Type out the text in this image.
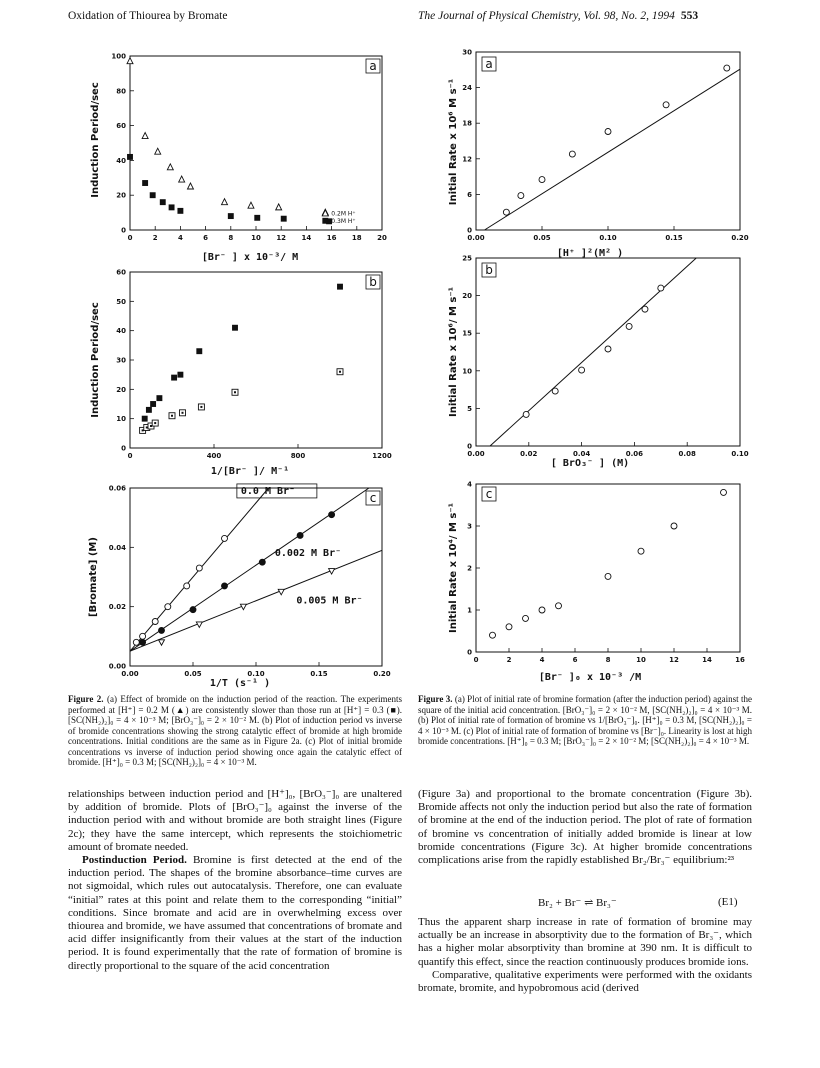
Oxidation of Thiourea by Bromate	The Journal of Physical Chemistry, Vol. 98, No. 2, 1994 553
0	2	4	6	8	10 12 14 16 18 20
0
20
40
60
80
100
[Br⁻ ] x 10⁻³/ M
Induction Period/sec
a
0.2M H⁺
0.3M H⁺
0	400	800	1200
0
10
20
30
40
50
60
1/[Br⁻ ]/ M⁻¹
Induction Period/sec
b
0.00	0.05	0.10	0.15	0.20
0.00
0.02
0.04
0.06
1/T (s⁻¹ )
[Bromate] (M)
c
0.0 M Br⁻
0.002 M Br⁻
0.005 M Br⁻
0.00	0.05	0.10	0.15	0.20
0
6
12
18
24
30
[H⁺ ]²(M² )
Initial Rate x 10⁶ M s⁻¹
a
0.00	0.02	0.04	0.06	0.08	0.10
0
5
10
15
20
25
[ BrO₃⁻ ] (M)
Initial Rate x 10⁶/ M s⁻¹
b
0	2	4	6	8	10	12	14	16
0
1
2
3
4
[Br⁻ ]₀ x 10⁻³ /M
Initial Rate x 10⁴/ M s⁻¹
c
Figure 2. (a) Effect of bromide on the induction period of the reaction. The experiments performed at [H⁺] = 0.2 M (▲) are consistently slower than those run at [H⁺] = 0.3 (■). [SC(NH₂)₂]₀ = 4 × 10⁻³ M; [BrO₃⁻]₀ = 2 × 10⁻² M. (b) Plot of induction period vs inverse of bromide concentrations showing the strong catalytic effect of bromide at high bromide concentrations. Initial conditions are the same as in Figure 2a. (c) Plot of initial bromide concentrations vs inverse of induction period showing once again the catalytic effect of bromide. [H⁺]₀ = 0.3 M; [SC(NH₂)₂]₀ = 4 × 10⁻³ M.
Figure 3. (a) Plot of initial rate of bromine formation (after the induction period) against the square of the initial acid concentration. [BrO₃⁻]₀ = 2 × 10⁻² M, [SC(NH₂)₂]₀ = 4 × 10⁻³ M. (b) Plot of initial rate of formation of bromine vs 1/[BrO₃⁻]₀. [H⁺]₀ = 0.3 M, [SC(NH₂)₂]₀ = 4 × 10⁻³ M. (c) Plot of initial rate of formation of bromine vs [Br⁻]₀. Linearity is lost at high bromide concentrations. [H⁺]₀ = 0.3 M; [BrO₃⁻]₀ = 2 × 10⁻² M; [SC(NH₂)₂]₀ = 4 × 10⁻³ M.

relationships between induction period and [H⁺]₀, [BrO₃⁻]₀ are unaltered by addition of bromide. Plots of [BrO₃⁻]₀ against the inverse of the induction period with and without bromide are both straight lines (Figure 2c); they have the same intercept, which represents the stoichiometric amount of bromate needed.

Postinduction Period. Bromine is first detected at the end of the induction period. The shapes of the bromine absorbance–time curves are not sigmoidal, which rules out autocatalysis. Therefore, one can evaluate “initial” rates at this point and relate them to the corresponding “initial” conditions. Since bromate and acid are in overwhelming excess over thiourea and bromide, we have assumed that concentrations of bromate and acid differ insignificantly from their values at the start of the induction period. It is found experimentally that the rate of formation of bromine is directly proportional to the square of the acid concentration

(Figure 3a) and proportional to the bromate concentration (Figure 3b). Bromide affects not only the induction period but also the rate of formation of bromine at the end of the induction period. The plot of rate of formation of bromine vs concentration of initially added bromide is linear at low bromide concentrations (Figure 3c). At higher bromide concentrations complications arise from the rapidly established Br₂/Br₃⁻ equilibrium:²³

Br₂ + Br⁻ ⇌ Br₃⁻	(E1)

Thus the apparent sharp increase in rate of formation of bromine may actually be an increase in absorptivity due to the formation of Br₃⁻, which has a higher molar absorptivity than bromine at 390 nm. It is difficult to quantify this effect, since the reaction continuously produces bromide ions.

Comparative, qualitative experiments were performed with the oxidants bromate, bromite, and hypobromous acid (derived
